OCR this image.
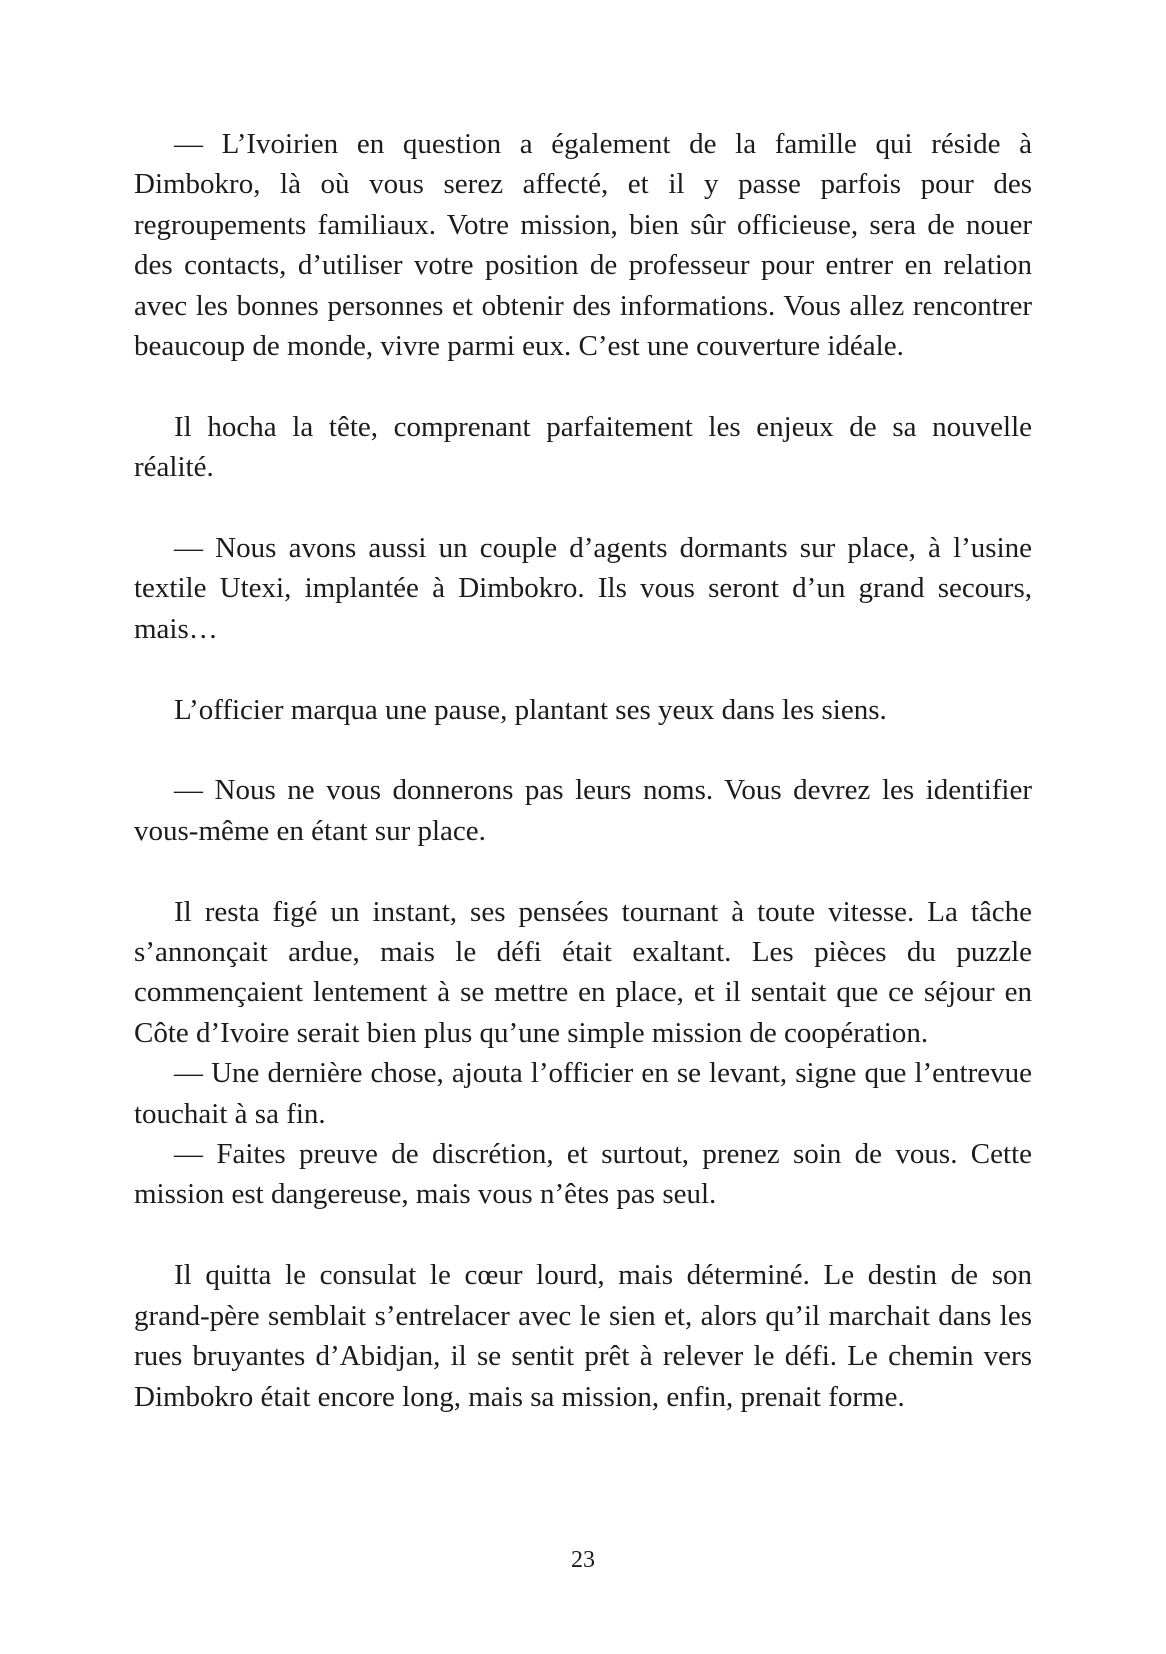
— L’Ivoirien en question a également de la famille qui réside à Dimbokro, là où vous serez affecté, et il y passe parfois pour des regroupements familiaux. Votre mission, bien sûr officieuse, sera de nouer des contacts, d’utiliser votre position de professeur pour entrer en relation avec les bonnes personnes et obtenir des informations. Vous allez rencontrer beaucoup de monde, vivre parmi eux. C’est une couverture idéale.

Il hocha la tête, comprenant parfaitement les enjeux de sa nouvelle réalité.

— Nous avons aussi un couple d’agents dormants sur place, à l’usine textile Utexi, implantée à Dimbokro. Ils vous seront d’un grand secours, mais…

L’officier marqua une pause, plantant ses yeux dans les siens.

— Nous ne vous donnerons pas leurs noms. Vous devrez les identifier vous-même en étant sur place.

Il resta figé un instant, ses pensées tournant à toute vitesse. La tâche s’annonçait ardue, mais le défi était exaltant. Les pièces du puzzle commençaient lentement à se mettre en place, et il sentait que ce séjour en Côte d’Ivoire serait bien plus qu’une simple mission de coopération.

— Une dernière chose, ajouta l’officier en se levant, signe que l’entrevue touchait à sa fin.

— Faites preuve de discrétion, et surtout, prenez soin de vous. Cette mission est dangereuse, mais vous n’êtes pas seul.

Il quitta le consulat le cœur lourd, mais déterminé. Le destin de son grand-père semblait s’entrelacer avec le sien et, alors qu’il marchait dans les rues bruyantes d’Abidjan, il se sentit prêt à relever le défi. Le chemin vers Dimbokro était encore long, mais sa mission, enfin, prenait forme.

23
